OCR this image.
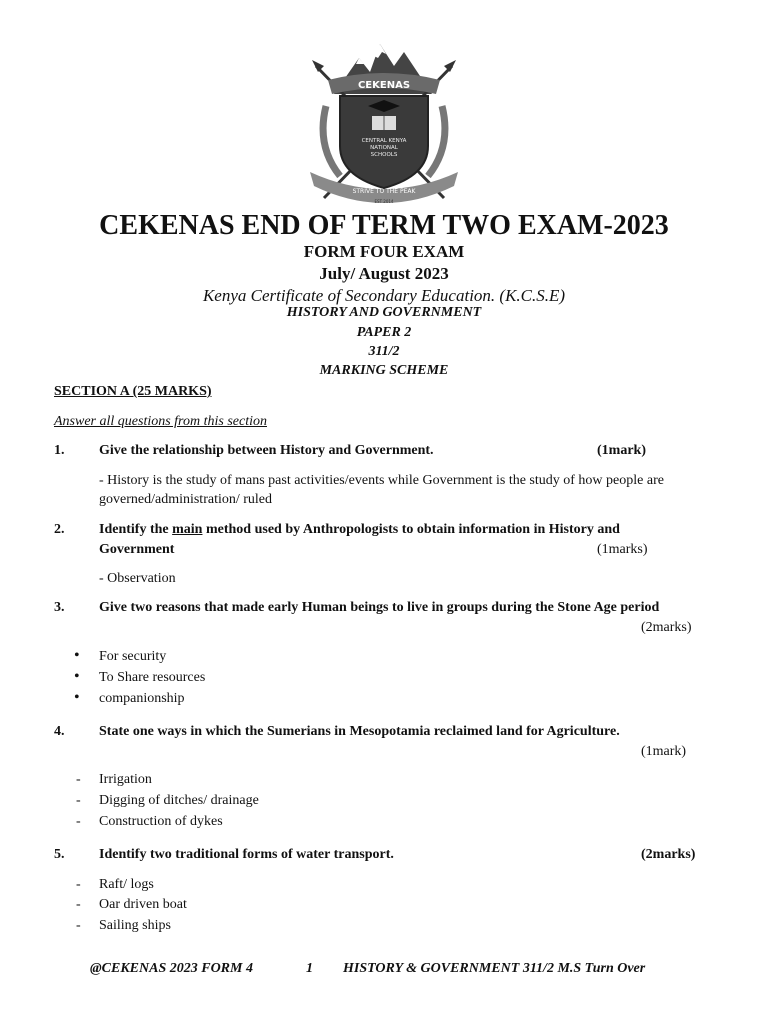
CEKENAS
CENTRAL KENYA
NATIONAL
SCHOOLS
STRIVE TO THE PEAK
EST 2014
CEKENAS END OF TERM TWO EXAM-2023
FORM FOUR EXAM
July/ August 2023
Kenya Certificate of Secondary Education. (K.C.S.E)
HISTORY AND GOVERNMENT
PAPER 2
311/2
MARKING SCHEME
SECTION A (25 MARKS)
Answer all questions from this section
1. Give the relationship between History and Government.	(1mark)
- History is the study of mans past activities/events while Government is the study of how people are
governed/administration/ ruled
2. Identify the main method used by Anthropologists to obtain information in History and
Government	(1marks)
- Observation
3. Give two reasons that made early Human beings to live in groups during the Stone Age period
(2marks)
• For security
• To Share resources
• companionship
4. State one ways in which the Sumerians in Mesopotamia reclaimed land for Agriculture.
(1mark)
- Irrigation
- Digging of ditches/ drainage
- Construction of dykes
5. Identify two traditional forms of water transport.	(2marks)
- Raft/ logs
- Oar driven boat
- Sailing ships
@CEKENAS 2023 FORM 4	1 HISTORY & GOVERNMENT 311/2 M.S Turn Over
